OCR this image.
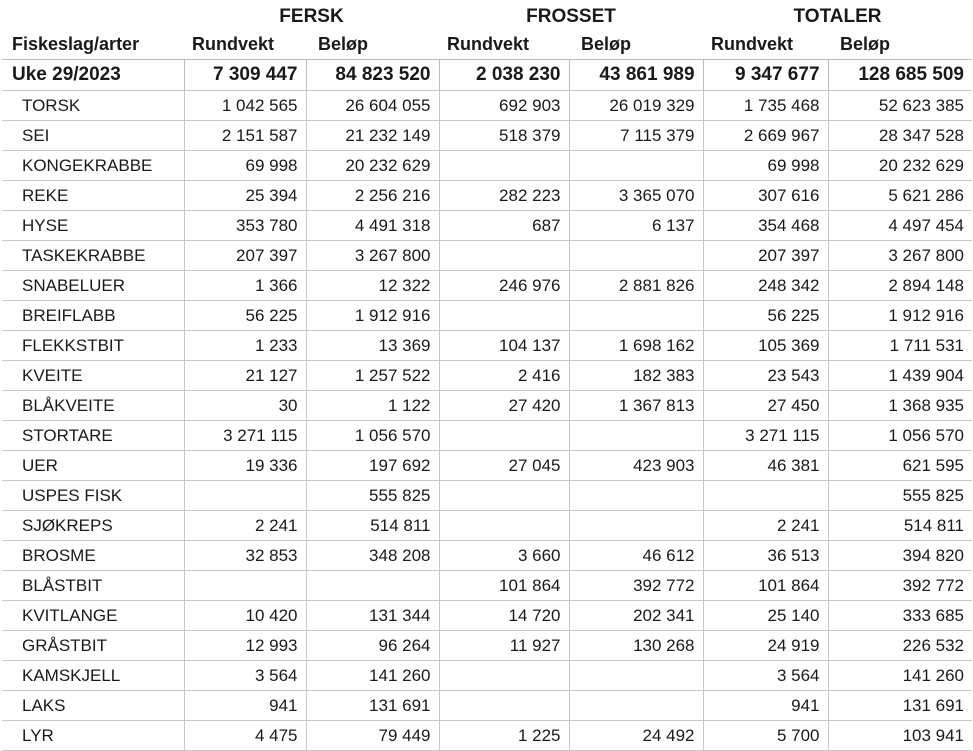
	FERSK		FROSSET		TOTALER	
Fiskeslag/arter	Rundvekt	Beløp	Rundvekt	Beløp	Rundvekt	Beløp
Uke 29/2023	7 309 447	84 823 520	2 038 230	43 861 989	9 347 677	128 685 509
TORSK	1 042 565	26 604 055	692 903	26 019 329	1 735 468	52 623 385
SEI	2 151 587	21 232 149	518 379	7 115 379	2 669 967	28 347 528
KONGEKRABBE	69 998	20 232 629			69 998	20 232 629
REKE	25 394	2 256 216	282 223	3 365 070	307 616	5 621 286
HYSE	353 780	4 491 318	687	6 137	354 468	4 497 454
TASKEKRABBE	207 397	3 267 800			207 397	3 267 800
SNABELUER	1 366	12 322	246 976	2 881 826	248 342	2 894 148
BREIFLABB	56 225	1 912 916			56 225	1 912 916
FLEKKSTBIT	1 233	13 369	104 137	1 698 162	105 369	1 711 531
KVEITE	21 127	1 257 522	2 416	182 383	23 543	1 439 904
BLÅKVEITE	30	1 122	27 420	1 367 813	27 450	1 368 935
STORTARE	3 271 115	1 056 570			3 271 115	1 056 570
UER	19 336	197 692	27 045	423 903	46 381	621 595
USPES FISK		555 825				555 825
SJØKREPS	2 241	514 811			2 241	514 811
BROSME	32 853	348 208	3 660	46 612	36 513	394 820
BLÅSTBIT			101 864	392 772	101 864	392 772
KVITLANGE	10 420	131 344	14 720	202 341	25 140	333 685
GRÅSTBIT	12 993	96 264	11 927	130 268	24 919	226 532
KAMSKJELL	3 564	141 260			3 564	141 260
LAKS	941	131 691			941	131 691
LYR	4 475	79 449	1 225	24 492	5 700	103 941
